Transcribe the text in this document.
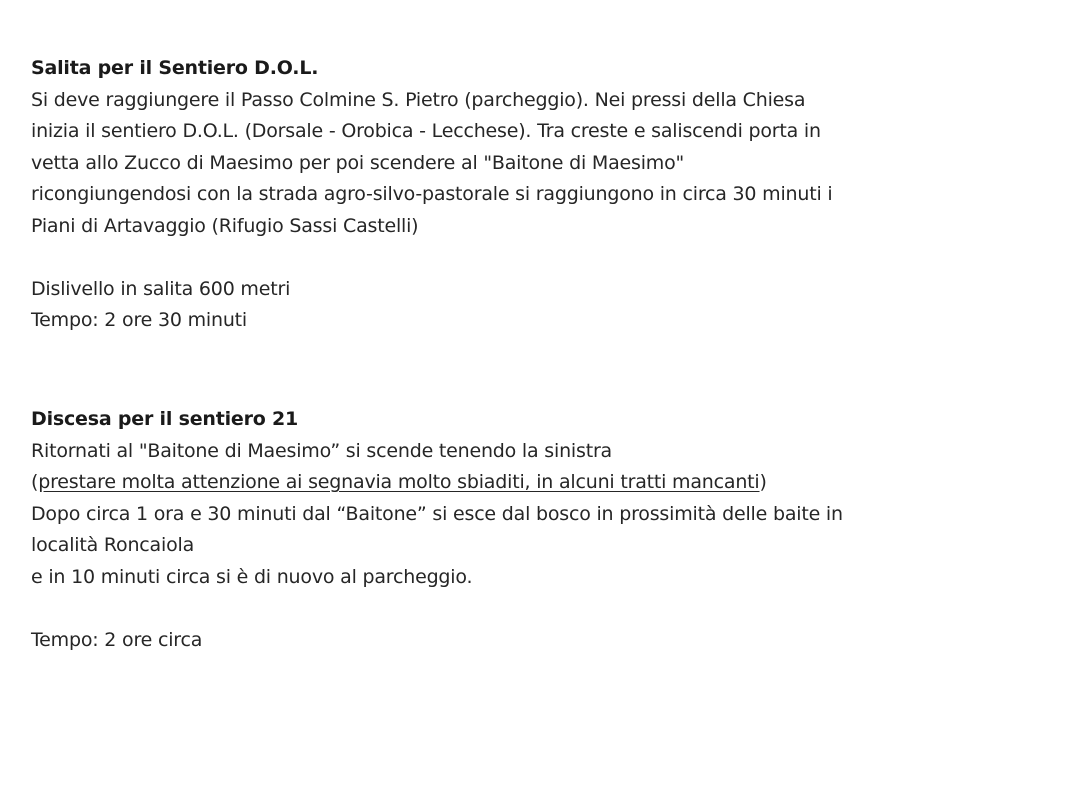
Salita per il Sentiero D.O.L.
Si deve raggiungere il Passo Colmine S. Pietro (parcheggio). Nei pressi della Chiesa
inizia il sentiero D.O.L. (Dorsale - Orobica - Lecchese). Tra creste e saliscendi porta in
vetta allo Zucco di Maesimo per poi scendere al "Baitone di Maesimo"
ricongiungendosi con la strada agro-silvo-pastorale si raggiungono in circa 30 minuti i
Piani di Artavaggio (Rifugio Sassi Castelli)
Dislivello in salita 600 metri
Tempo: 2 ore 30 minuti
Discesa per il sentiero 21
Ritornati al "Baitone di Maesimo” si scende tenendo la sinistra
(prestare molta attenzione ai segnavia molto sbiaditi, in alcuni tratti mancanti)
Dopo circa 1 ora e 30 minuti dal “Baitone” si esce dal bosco in prossimità delle baite in
località Roncaiola
e in 10 minuti circa si è di nuovo al parcheggio.
Tempo: 2 ore circa
